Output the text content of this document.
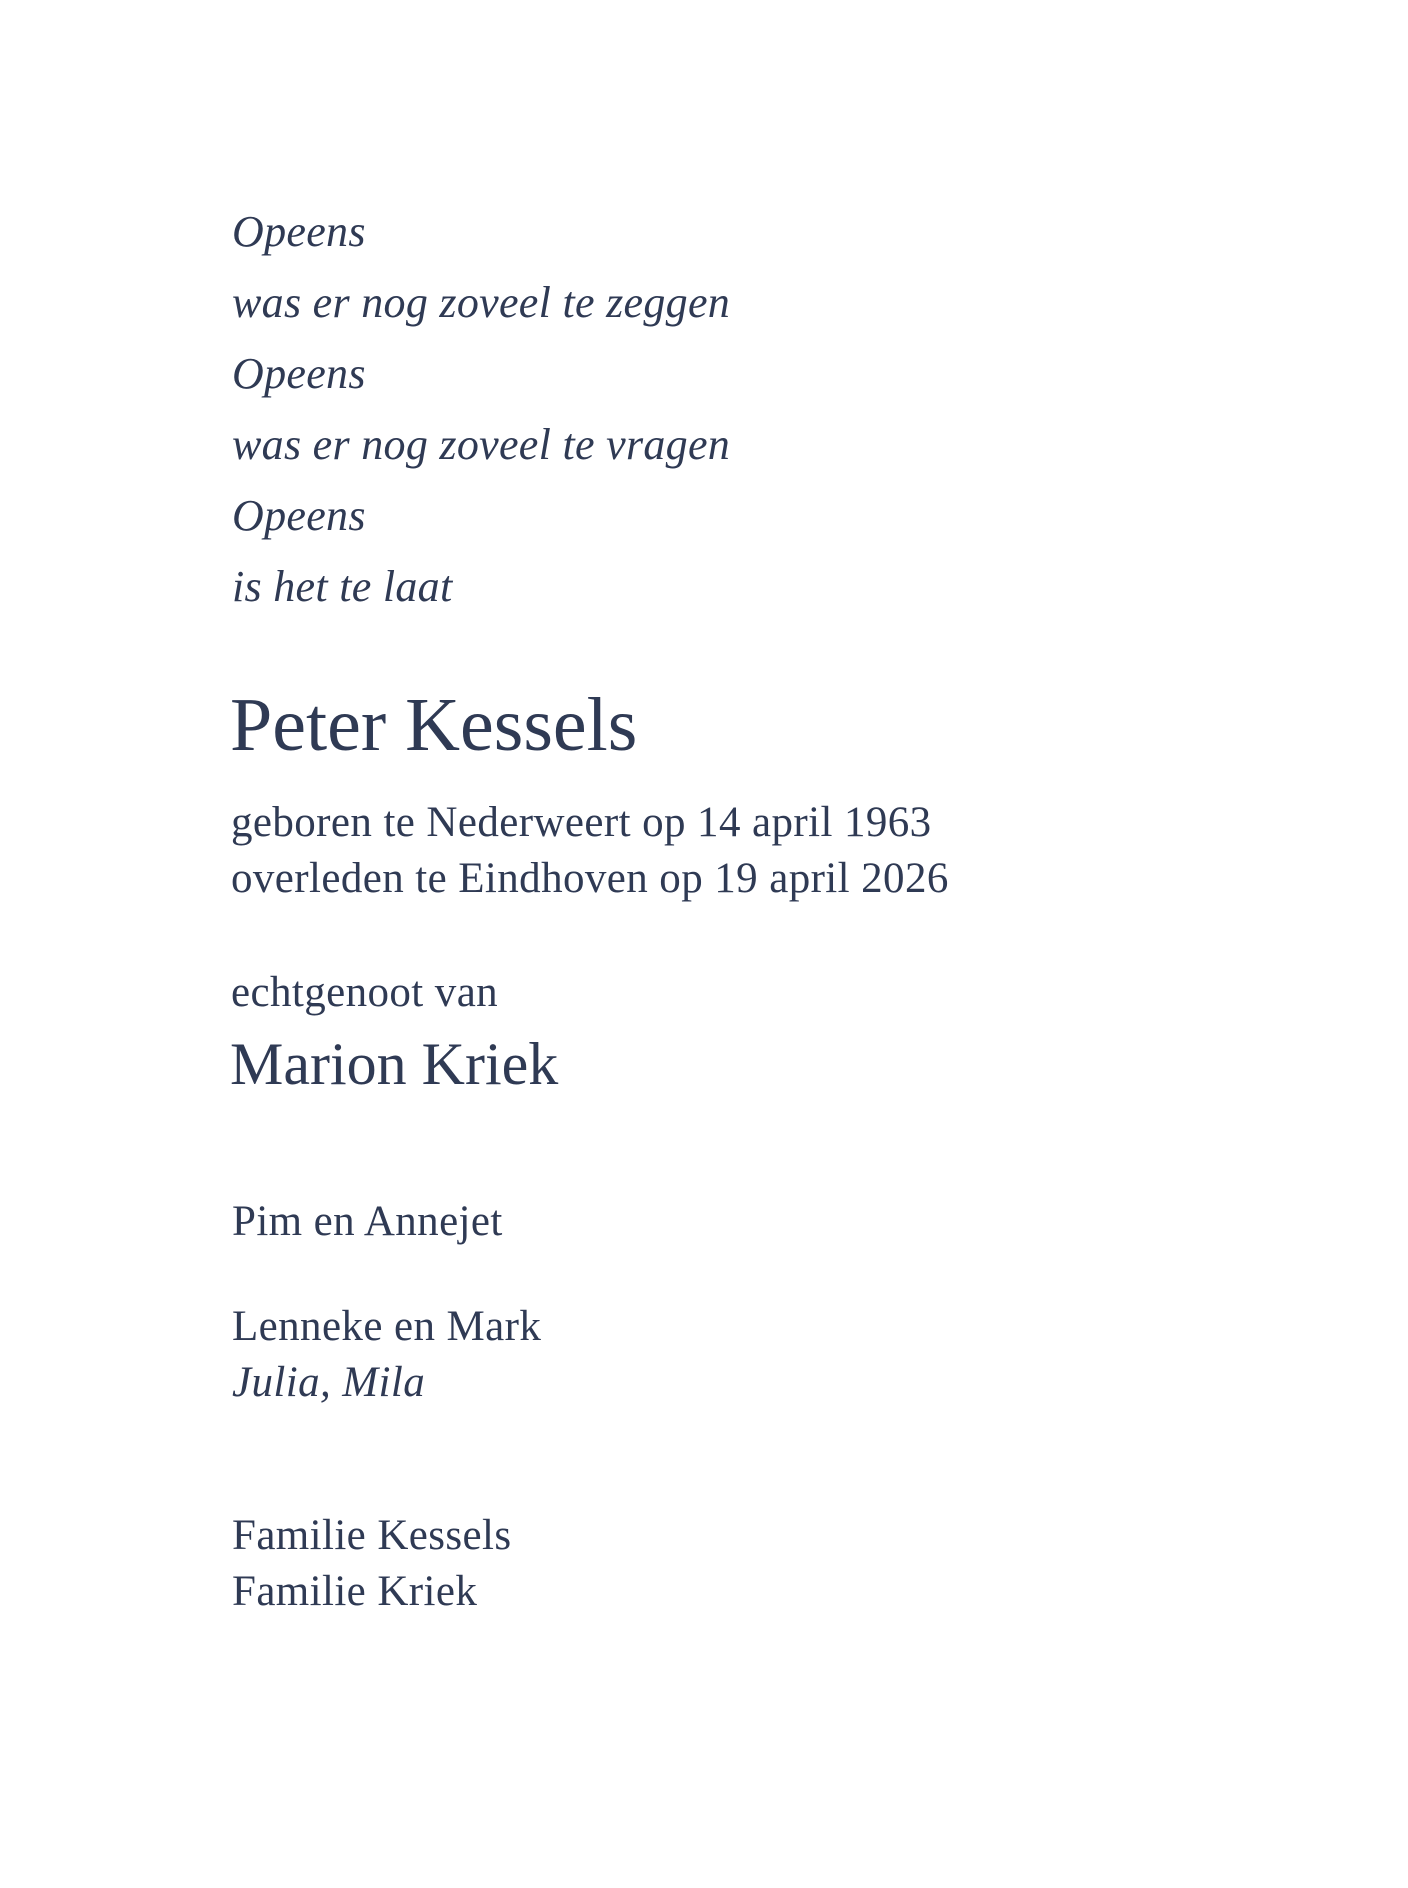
Opeens
was er nog zoveel te zeggen
Opeens
was er nog zoveel te vragen
Opeens
is het te laat
Peter Kessels
geboren te Nederweert op 14 april 1963
overleden te Eindhoven op 19 april 2026
echtgenoot van
Marion Kriek
Pim en Annejet
Lenneke en Mark
Julia, Mila
Familie Kessels
Familie Kriek
